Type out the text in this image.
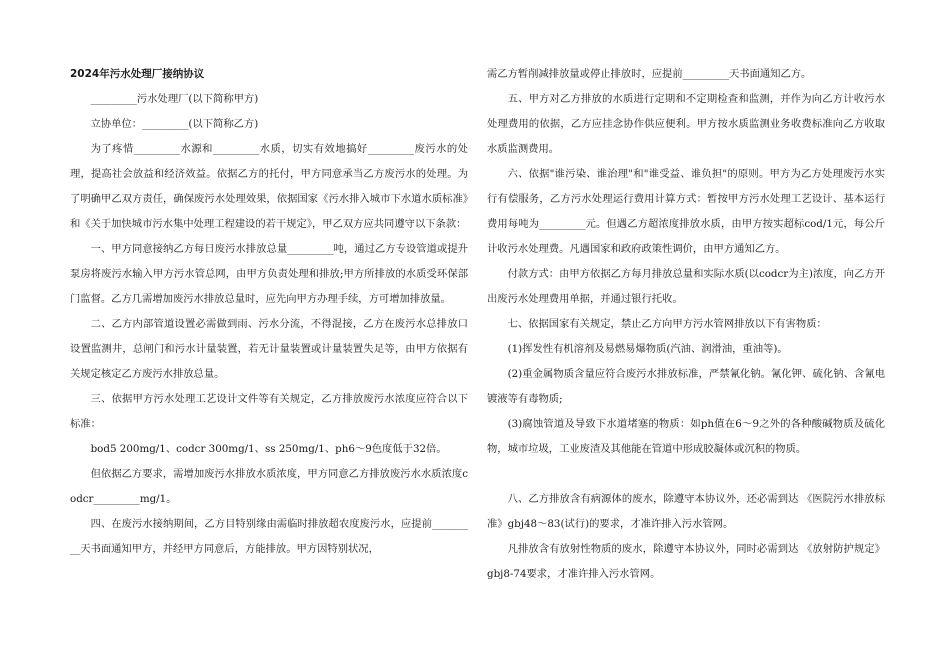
2024年污水处理厂接纳协议

_________污水处理厂(以下简称甲方)

立协单位：_________(以下简称乙方)

为了疼惜_________水源和_________水质，切实有效地搞好_________废污水的处理，提高社会放益和经济效益。依据乙方的托付，甲方同意承当乙方废污水的处理。为了明确甲乙双方责任，确保废污水处理效果，依据国家《污水排入城市下水道水质标准》和《关于加快城市污水集中处理工程建设的若干规定》，甲乙双方应共同遵守以下条款：

一、甲方同意接纳乙方每日废污水排放总量_________吨，通过乙方专设管道或提升泵房将废污水输入甲方污水管总网，由甲方负责处理和排放;甲方所排放的水质受环保部门监督。乙方几需增加废污水排放总量时，应先向甲方办理手续，方可增加排放量。

二、乙方内部管道设置必需做到雨、污水分流，不得混接，乙方在废污水总排放口设置监测井，总闸门和污水计量装置，若无计量装置或计量装置失足等，由甲方依据有关规定核定乙方废污水排放总量。

三、依据甲方污水处理工艺设计文件等有关规定，乙方排放废污水浓度应符合以下标准：

bod5 200mg/1、codcr 300mg/1、ss 250mg/1、ph6～9色度低于32倍。

但依据乙方要求，需增加废污水排放水质浓度，甲方同意乙方排放废污水水质浓度codcr_________mg/1。

四、在废污水接纳期间，乙方目特别缘由需临时排放超农度废污水，应提前_________天书面通知甲方，并经甲方同意后，方能排放。甲方因特别状况，

需乙方暂削减排放量或停止排放时，应提前_________天书面通知乙方。

五、甲方对乙方排放的水质进行定期和不定期检查和监测，并作为向乙方计收污水处理费用的依据，乙方应挂念协作供应便利。甲方按水质监测业务收费标准向乙方收取水质监测费用。

六、依据"谁污染、谁治理"和"谁受益、谁负担"的原则。甲方为乙方处理废污水实行有偿服务，乙方污水处理运行费用计算方式：暂按甲方污水处理工艺设计、基本运行费用每吨为_________元。但遇乙方超浓度排放水质，由甲方按实超标cod/1元，每公斤计收污水处理费。凡遇国家和政府政策性调价，由甲方通知乙方。

付款方式：由甲方依据乙方每月排放总量和实际水质(以codcr为主)浓度，向乙方开出废污水处理费用单据，并通过银行托收。

七、依据国家有关规定，禁止乙方向甲方污水管网排放以下有害物质：

(1)挥发性有机溶剂及易燃易爆物质(汽油、润滑油，重油等)。

(2)重金属物质含量应符合废污水排放标准，严禁氰化钠。氰化钾、硫化钠、含氰电镀液等有毒物质;

(3)腐蚀管道及导致下水道堵塞的物质：如ph值在6～9之外的各种酸碱物质及硫化物，城市垃圾，工业废渣及其他能在管道中形成胶凝体或沉积的物质。

八、乙方排放含有病源体的废水，除遵守本协议外，还必需到达 《医院污水排放标准》gbj48～83(试行)的要求，才准许排入污水管网。

凡排放含有放射性物质的废水，除遵守本协议外，同时必需到达 《放射防护规定》gbj8-74要求，才准许排入污水管网。
